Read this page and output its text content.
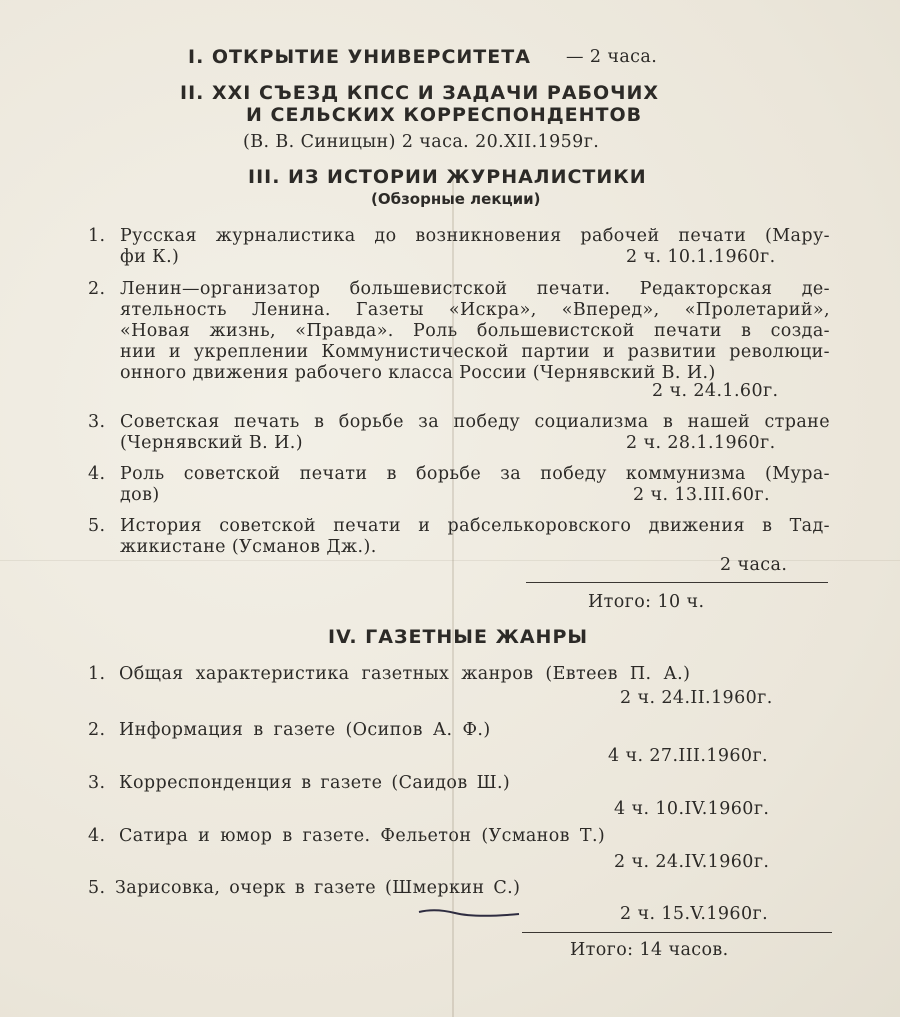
I. ОТКРЫТИЕ УНИВЕРСИТЕТА — 2 часа.
II. XXI СЪЕЗД КПСС И ЗАДАЧИ РАБОЧИХ
И СЕЛЬСКИХ КОРРЕСПОНДЕНТОВ
(В. В. Синицын) 2 часа. 20.XII.1959г.
III. ИЗ ИСТОРИИ ЖУРНАЛИСТИКИ
(Обзорные лекции)
1. Русская журналистика до возникновения рабочей печати (Мару-
фи К.)	2 ч. 10.1.1960г.
2. Ленин—организатор большевистской печати. Редакторская де-
ятельность Ленина. Газеты «Искра», «Вперед», «Пролетарий»,
«Новая жизнь, «Правда». Роль большевистской печати в созда-
нии и укреплении Коммунистической партии и развитии революци-
онного движения рабочего класса России (Чернявский В. И.)
2 ч. 24.1.60г.
3. Советская печать в борьбе за победу социализма в нашей стране
(Чернявский В. И.)	2 ч. 28.1.1960г.
4. Роль советской печати в борьбе за победу коммунизма (Мура-
дов)	2 ч. 13.III.60г.
5. История советской печати и рабселькоровского движения в Тад-
жикистане (Усманов Дж.).
2 часа.
Итого: 10 ч.
IV. ГАЗЕТНЫЕ ЖАНРЫ
1. Общая характеристика газетных жанров (Евтеев П. А.)
2 ч. 24.II.1960г.
2. Информация в газете (Осипов А. Ф.)
4 ч. 27.III.1960г.
3. Корреспонденция в газете (Саидов Ш.)
4 ч. 10.IV.1960г.
4. Сатира и юмор в газете. Фельетон (Усманов Т.)
2 ч. 24.IV.1960г.
5. Зарисовка, очерк в газете (Шмеркин С.)
2 ч. 15.V.1960г.
Итого: 14 часов.
